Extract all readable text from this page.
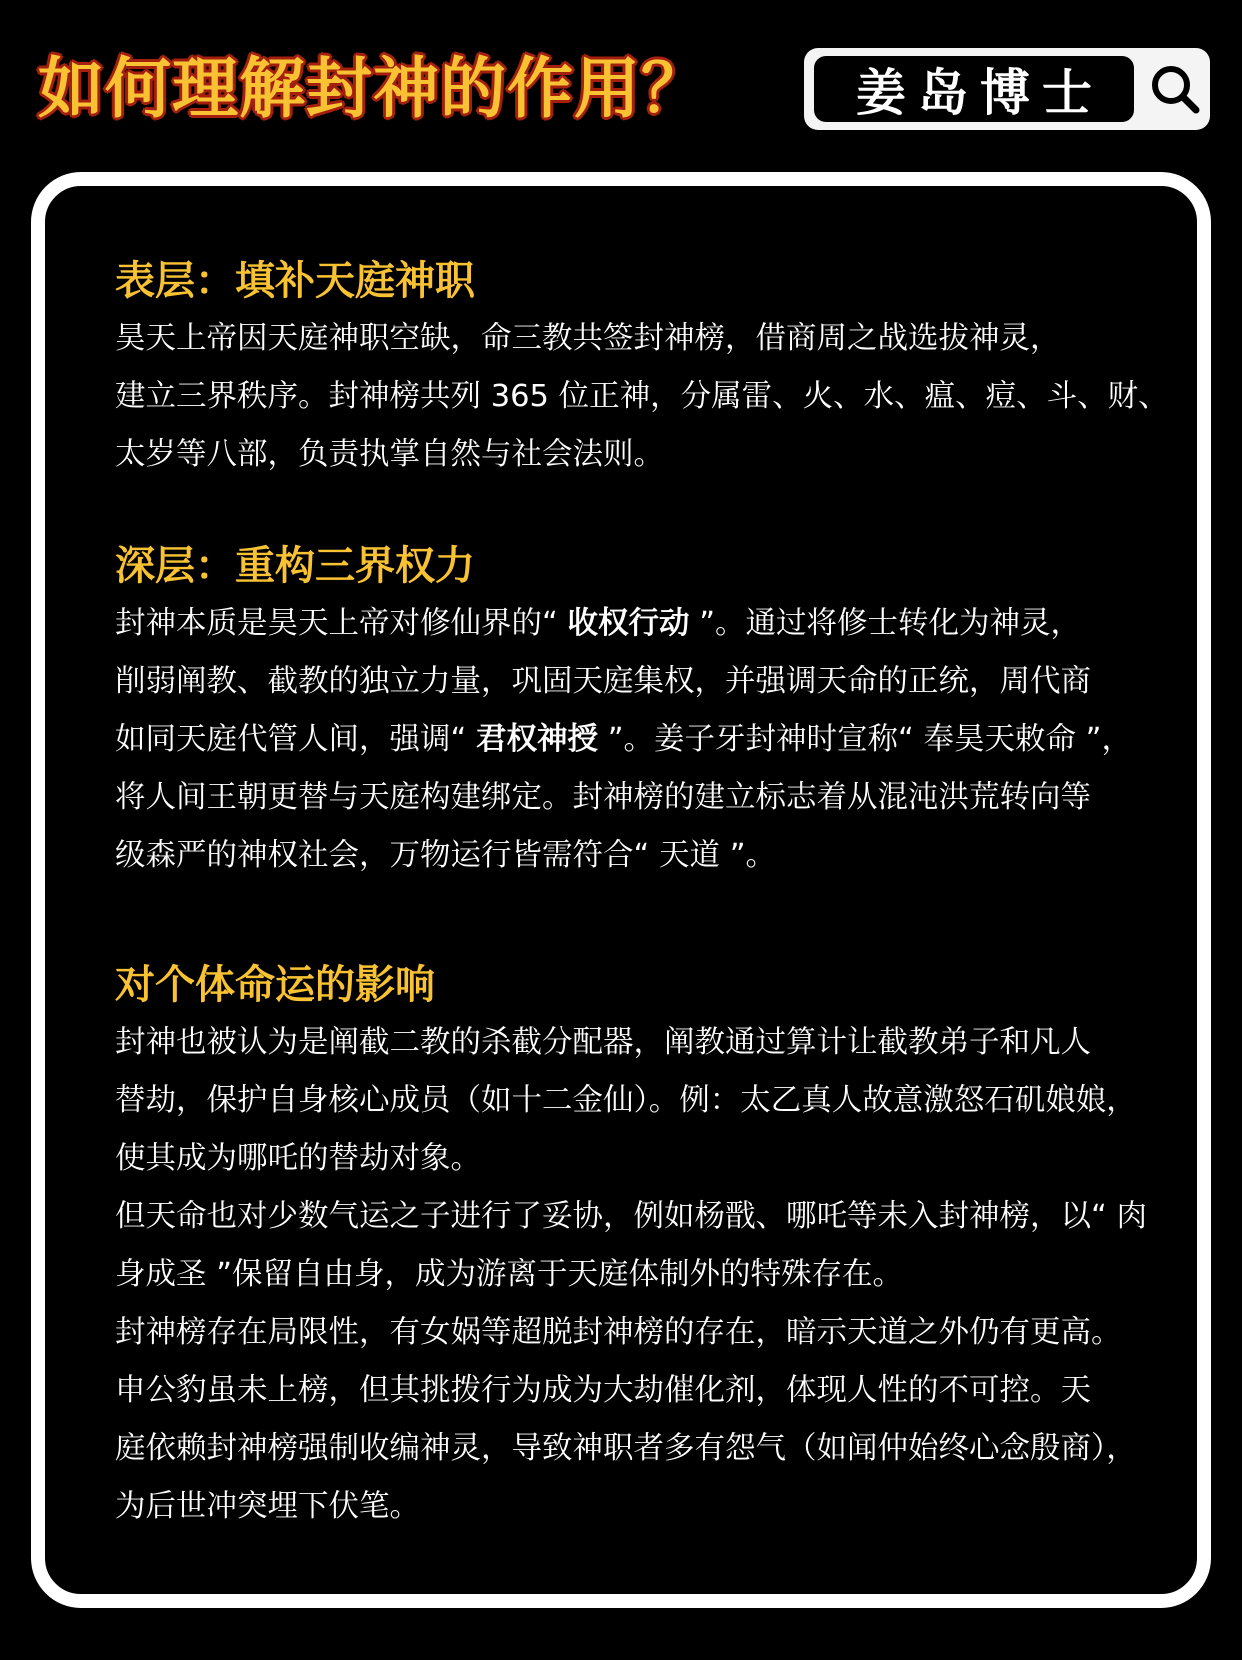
如何理解封神的作用？	姜岛博士
表层：填补天庭神职

昊天上帝因天庭神职空缺，命三教共签封神榜，借商周之战选拔神灵，

建立三界秩序。封神榜共列 365 位正神，分属雷、火、水、瘟、痘、斗、财、

太岁等八部，负责执掌自然与社会法则。

深层：重构三界权力

封神本质是昊天上帝对修仙界的“ 收权行动 ”。通过将修士转化为神灵，

削弱阐教、截教的独立力量，巩固天庭集权，并强调天命的正统，周代商

如同天庭代管人间，强调“ 君权神授 ”。姜子牙封神时宣称“ 奉昊天敕命 ”，

将人间王朝更替与天庭构建绑定。封神榜的建立标志着从混沌洪荒转向等

级森严的神权社会，万物运行皆需符合“ 天道 ”。

对个体命运的影响

封神也被认为是阐截二教的杀截分配器，阐教通过算计让截教弟子和凡人

替劫，保护自身核心成员（如十二金仙）。例：太乙真人故意激怒石矶娘娘，

使其成为哪吒的替劫对象。

但天命也对少数气运之子进行了妥协，例如杨戬、哪吒等未入封神榜，以“ 肉

身成圣 ”保留自由身，成为游离于天庭体制外的特殊存在。

封神榜存在局限性，有女娲等超脱封神榜的存在，暗示天道之外仍有更高。

申公豹虽未上榜，但其挑拨行为成为大劫催化剂，体现人性的不可控。天

庭依赖封神榜强制收编神灵，导致神职者多有怨气（如闻仲始终心念殷商），

为后世冲突埋下伏笔。
